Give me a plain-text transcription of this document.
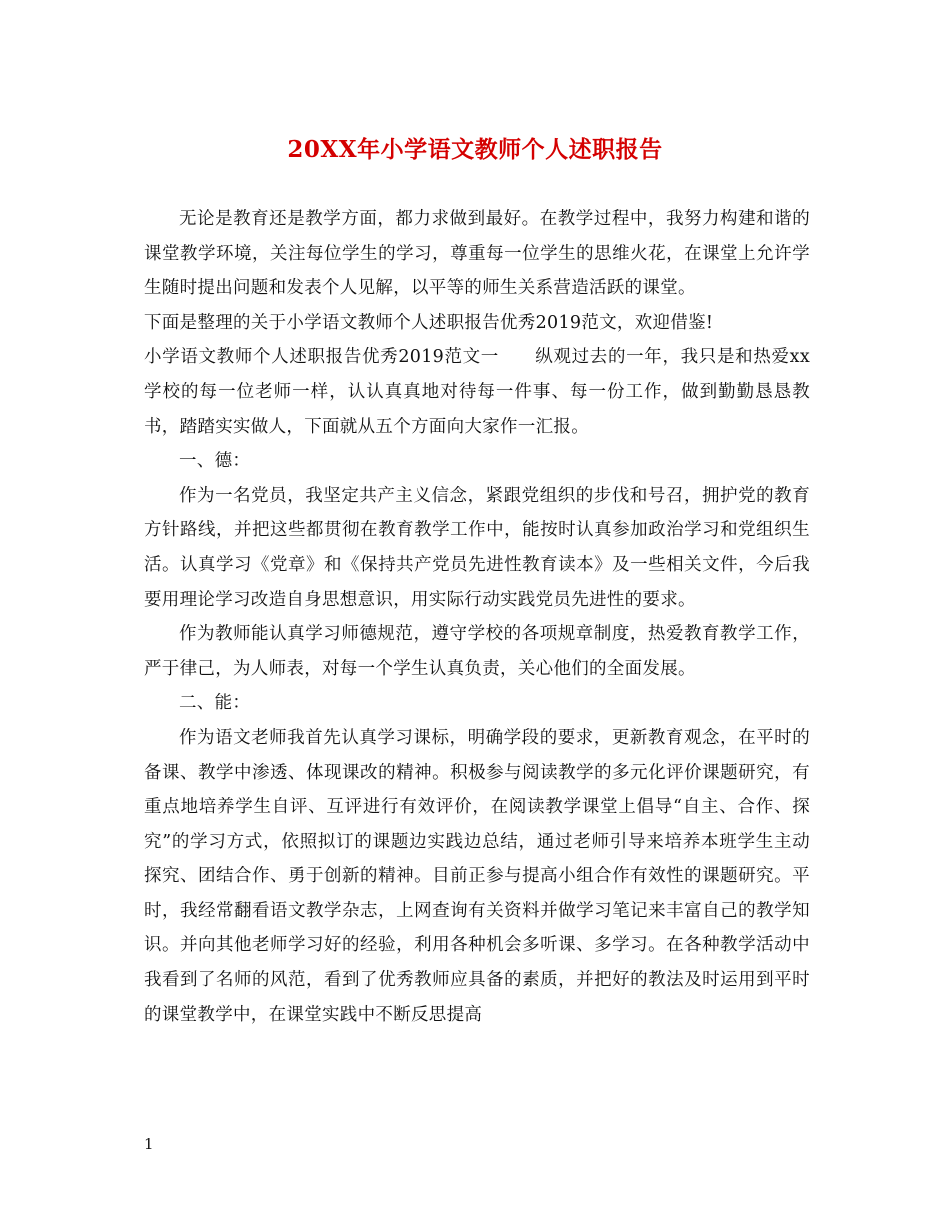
20XX年小学语文教师个人述职报告

无论是教育还是教学方面，都力求做到最好。在教学过程中，我努力构建和谐的课堂教学环境，关注每位学生的学习，尊重每一位学生的思维火花，在课堂上允许学生随时提出问题和发表个人见解，以平等的师生关系营造活跃的课堂。

下面是整理的关于小学语文教师个人述职报告优秀2019范文，欢迎借鉴!

小学语文教师个人述职报告优秀2019范文一　　纵观过去的一年，我只是和热爱xx学校的每一位老师一样，认认真真地对待每一件事、每一份工作，做到勤勤恳恳教书，踏踏实实做人，下面就从五个方面向大家作一汇报。

一、德：

作为一名党员，我坚定共产主义信念，紧跟党组织的步伐和号召，拥护党的教育方针路线，并把这些都贯彻在教育教学工作中，能按时认真参加政治学习和党组织生活。认真学习《党章》和《保持共产党员先进性教育读本》及一些相关文件，今后我要用理论学习改造自身思想意识，用实际行动实践党员先进性的要求。

作为教师能认真学习师德规范，遵守学校的各项规章制度，热爱教育教学工作，严于律己，为人师表，对每一个学生认真负责，关心他们的全面发展。

二、能：

作为语文老师我首先认真学习课标，明确学段的要求，更新教育观念，在平时的备课、教学中渗透、体现课改的精神。积极参与阅读教学的多元化评价课题研究，有重点地培养学生自评、互评进行有效评价，在阅读教学课堂上倡导“自主、合作、探究”的学习方式，依照拟订的课题边实践边总结，通过老师引导来培养本班学生主动探究、团结合作、勇于创新的精神。目前正参与提高小组合作有效性的课题研究。平时，我经常翻看语文教学杂志，上网查询有关资料并做学习笔记来丰富自己的教学知识。并向其他老师学习好的经验，利用各种机会多听课、多学习。在各种教学活动中我看到了名师的风范，看到了优秀教师应具备的素质，并把好的教法及时运用到平时的课堂教学中，在课堂实践中不断反思提高

1
